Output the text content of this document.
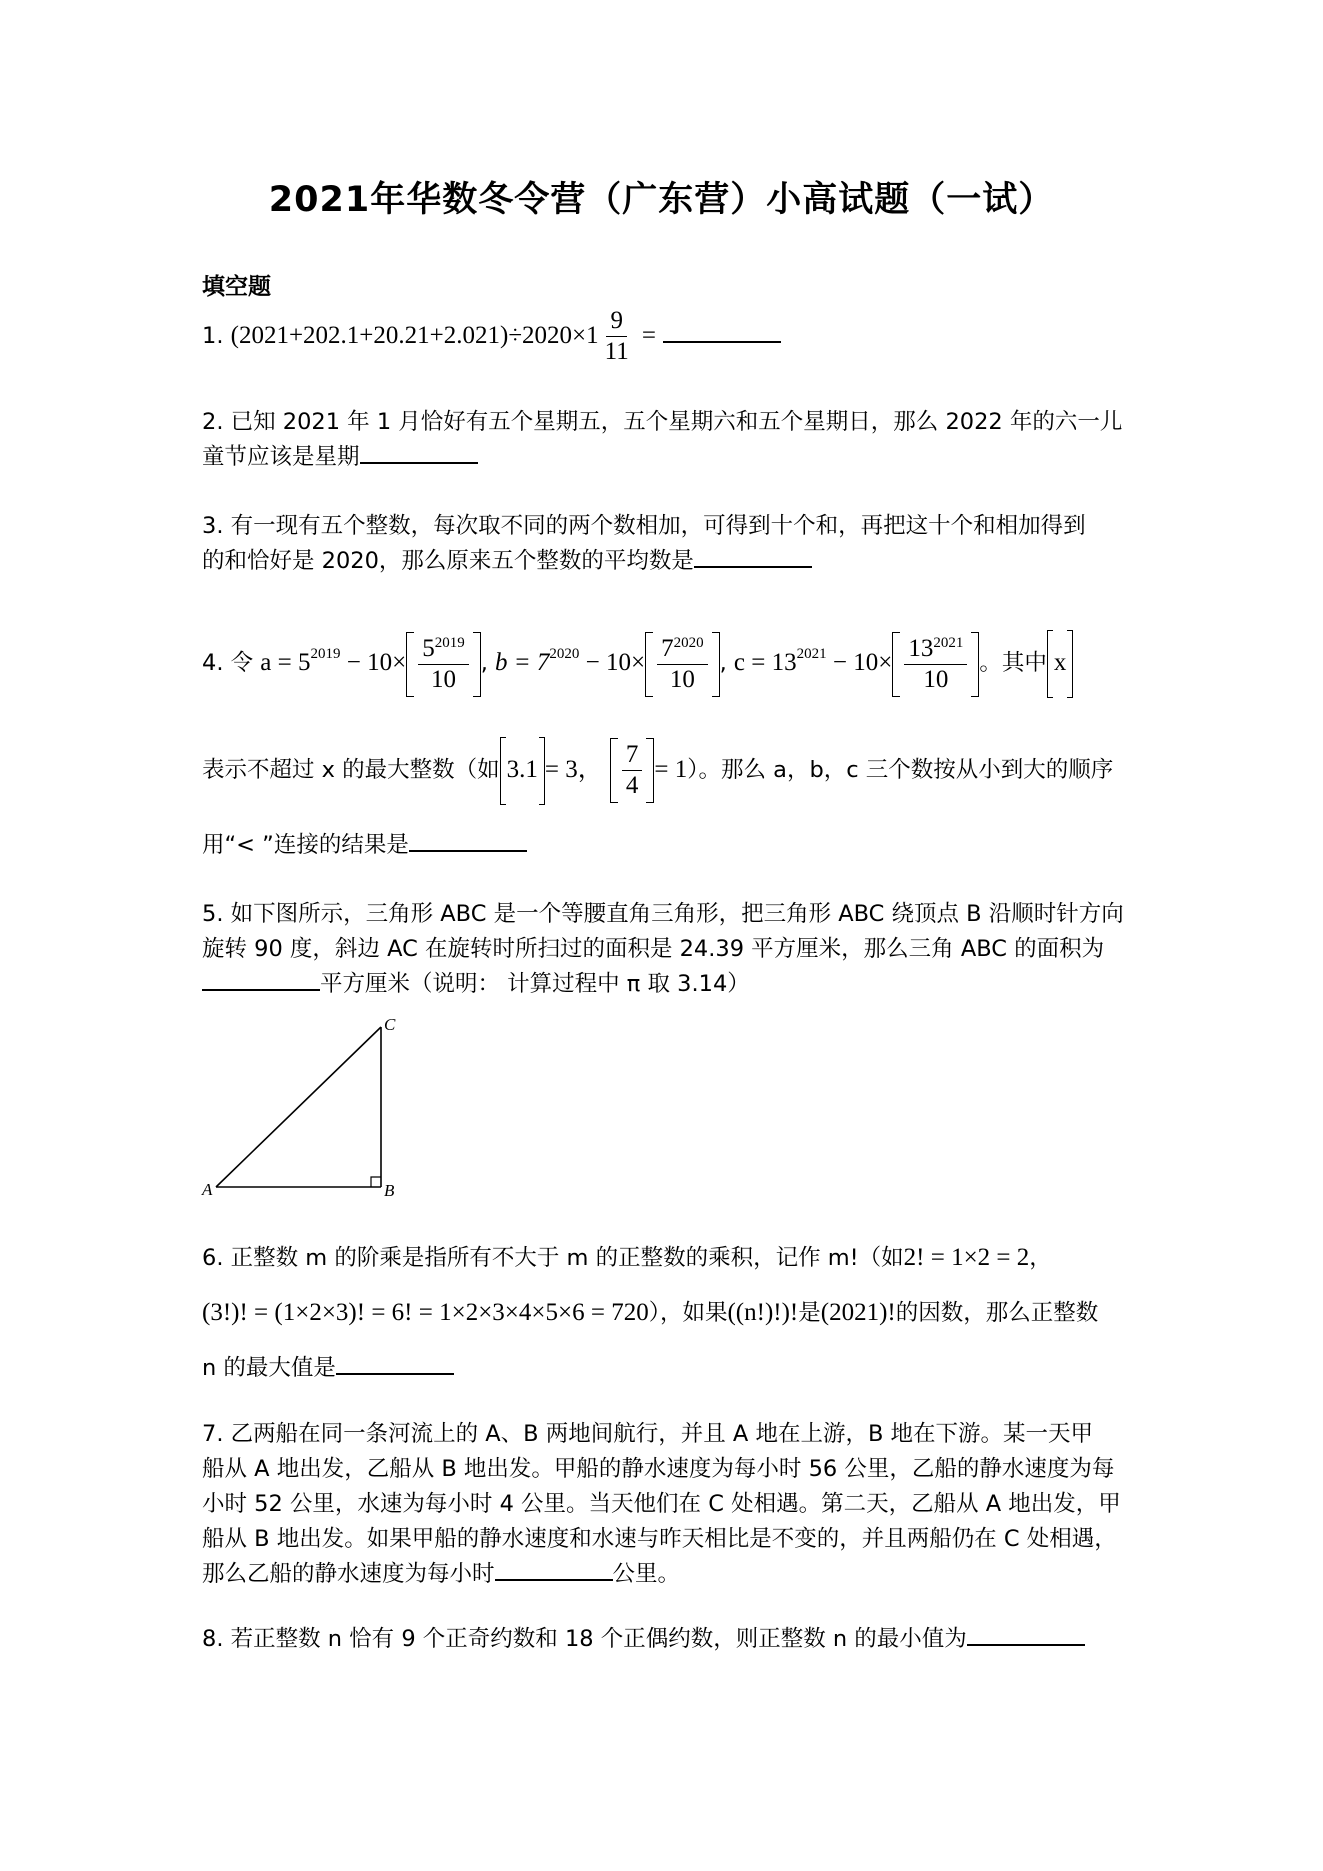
2021年华数冬令营（广东营）小高试题（一试）
填空题
1. $(2021+202.1+20.21+2.021)\div 2020\times 1 \frac{9}{11}$ =
2. 已知 2021 年 1 月恰好有五个星期五，五个星期六和五个星期日，那么 2022 年的六一儿
童节应该是星期
3. 有一现有五个整数，每次取不同的两个数相加，可得到十个和，再把这十个和相加得到
的和恰好是 2020，那么原来五个整数的平均数是
4. 令 $a = 5^{2019} - 10\times \frac{5^{2019}}{10}$ , $b = 7^{2020} - 10\times \frac{7^{2020}}{10}$ , $c = 13^{2021} - 10\times \frac{13^{2021}}{10}$ 。其中 x
表示不超过 x 的最大整数（如 3.1 = 3， $\frac{7}{4} = 1$）。那么 a，b，c 三个数按从小到大的顺序
用“< ”连接的结果是
5. 如下图所示，三角形 ABC 是一个等腰直角三角形，把三角形 ABC 绕顶点 B 沿顺时针方向
旋转 90 度，斜边 AC 在旋转时所扫过的面积是 24.39 平方厘米，那么三角 ABC 的面积为
平方厘米（说明： 计算过程中 π 取 3.14）
A	B
C
6. 正整数 m 的阶乘是指所有不大于 m 的正整数的乘积，记作 m!（如2! = 1×2 = 2，
(3!)! = (1×2×3)! = 6! = 1×2×3×4×5×6 = 720），如果((n!)!)!是(2021)!的因数，那么正整数
n 的最大值是
7. 乙两船在同一条河流上的 A、B 两地间航行，并且 A 地在上游，B 地在下游。某一天甲
船从 A 地出发，乙船从 B 地出发。甲船的静水速度为每小时 56 公里，乙船的静水速度为每
小时 52 公里，水速为每小时 4 公里。当天他们在 C 处相遇。第二天，乙船从 A 地出发，甲
船从 B 地出发。如果甲船的静水速度和水速与昨天相比是不变的，并且两船仍在 C 处相遇，
那么乙船的静水速度为每小时	公里。
8. 若正整数 n 恰有 9 个正奇约数和 18 个正偶约数，则正整数 n 的最小值为
